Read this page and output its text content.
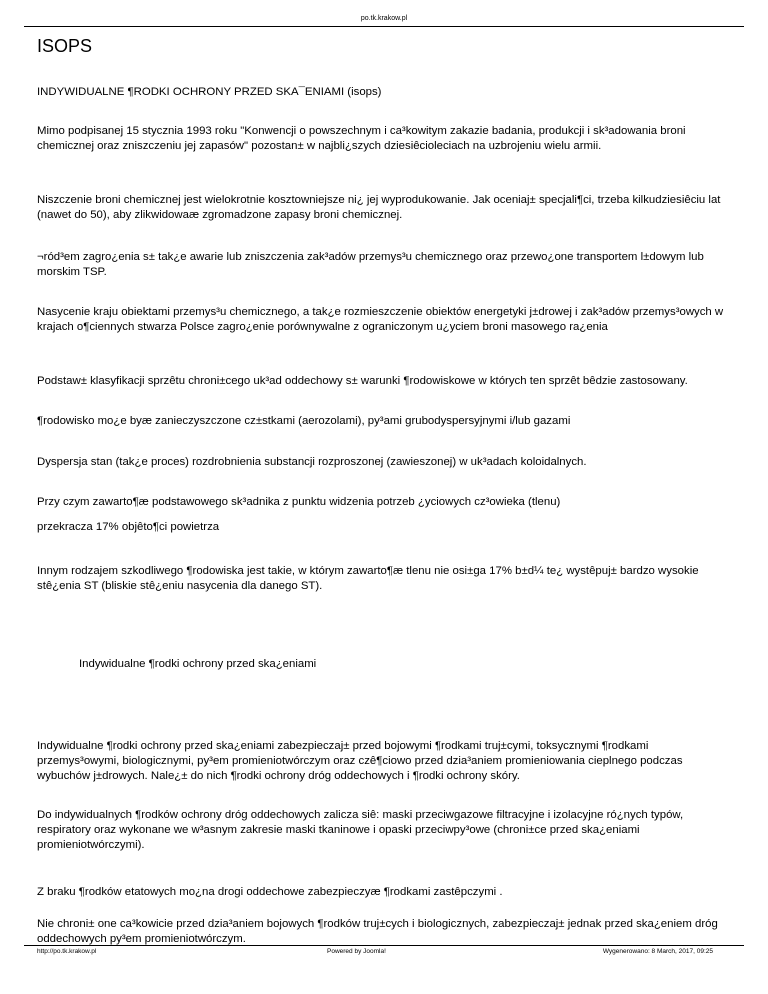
po.tk.krakow.pl
ISOPS

INDYWIDUALNE ¶RODKI OCHRONY PRZED SKA¯ENIAMI (isops)

Mimo podpisanej 15 stycznia 1993 roku "Konwencji o powszechnym i ca³kowitym zakazie badania, produkcji i sk³adowania broni chemicznej oraz zniszczeniu jej zapasów" pozostan± w najbli¿szych dziesiêcioleciach na uzbrojeniu wielu armii.

Niszczenie broni chemicznej jest wielokrotnie kosztowniejsze ni¿ jej wyprodukowanie. Jak oceniaj± specjali¶ci, trzeba kilkudziesiêciu lat (nawet do 50), aby zlikwidowaæ zgromadzone zapasy broni chemicznej.

¬ród³em zagro¿enia s± tak¿e awarie lub zniszczenia zak³adów przemys³u chemicznego oraz przewo¿one transportem l±dowym lub morskim TSP.

Nasycenie kraju obiektami przemys³u chemicznego, a tak¿e rozmieszczenie obiektów energetyki j±drowej i zak³adów przemys³owych w krajach o¶ciennych stwarza Polsce zagro¿enie porównywalne z ograniczonym u¿yciem broni masowego ra¿enia

Podstaw± klasyfikacji sprzêtu chroni±cego uk³ad oddechowy s± warunki ¶rodowiskowe w których ten sprzêt bêdzie zastosowany.

¶rodowisko mo¿e byæ zanieczyszczone cz±stkami (aerozolami), py³ami grubodyspersyjnymi i/lub gazami

Dyspersja stan (tak¿e proces) rozdrobnienia substancji rozproszonej (zawieszonej) w uk³adach koloidalnych.

Przy czym zawarto¶æ podstawowego sk³adnika z punktu widzenia potrzeb ¿yciowych cz³owieka (tlenu)

przekracza 17% objêto¶ci powietrza

Innym rodzajem szkodliwego ¶rodowiska jest takie, w którym zawarto¶æ tlenu nie osi±ga 17% b±d¼ te¿ wystêpuj± bardzo wysokie stê¿enia ST (bliskie stê¿eniu nasycenia dla danego ST).

Indywidualne ¶rodki ochrony przed ska¿eniami

Indywidualne ¶rodki ochrony przed ska¿eniami zabezpieczaj± przed bojowymi ¶rodkami truj±cymi, toksycznymi ¶rodkami przemys³owymi, biologicznymi, py³em promieniotwórczym oraz czê¶ciowo przed dzia³aniem promieniowania cieplnego podczas wybuchów j±drowych. Nale¿± do nich ¶rodki ochrony dróg oddechowych i ¶rodki ochrony skóry.

Do indywidualnych ¶rodków ochrony dróg oddechowych zalicza siê: maski przeciwgazowe filtracyjne i izolacyjne ró¿nych typów, respiratory oraz wykonane we w³asnym zakresie maski tkaninowe i opaski przeciwpy³owe (chroni±ce przed ska¿eniami promieniotwórczymi).

Z braku ¶rodków etatowych mo¿na drogi oddechowe zabezpieczyæ ¶rodkami zastêpczymi .

Nie chroni± one ca³kowicie przed dzia³aniem bojowych ¶rodków truj±cych i biologicznych, zabezpieczaj± jednak przed ska¿eniem dróg oddechowych py³em promieniotwórczym.

http://po.tk.krakow.pl	Powered by Joomla!	Wygenerowano: 8 March, 2017, 09:25
